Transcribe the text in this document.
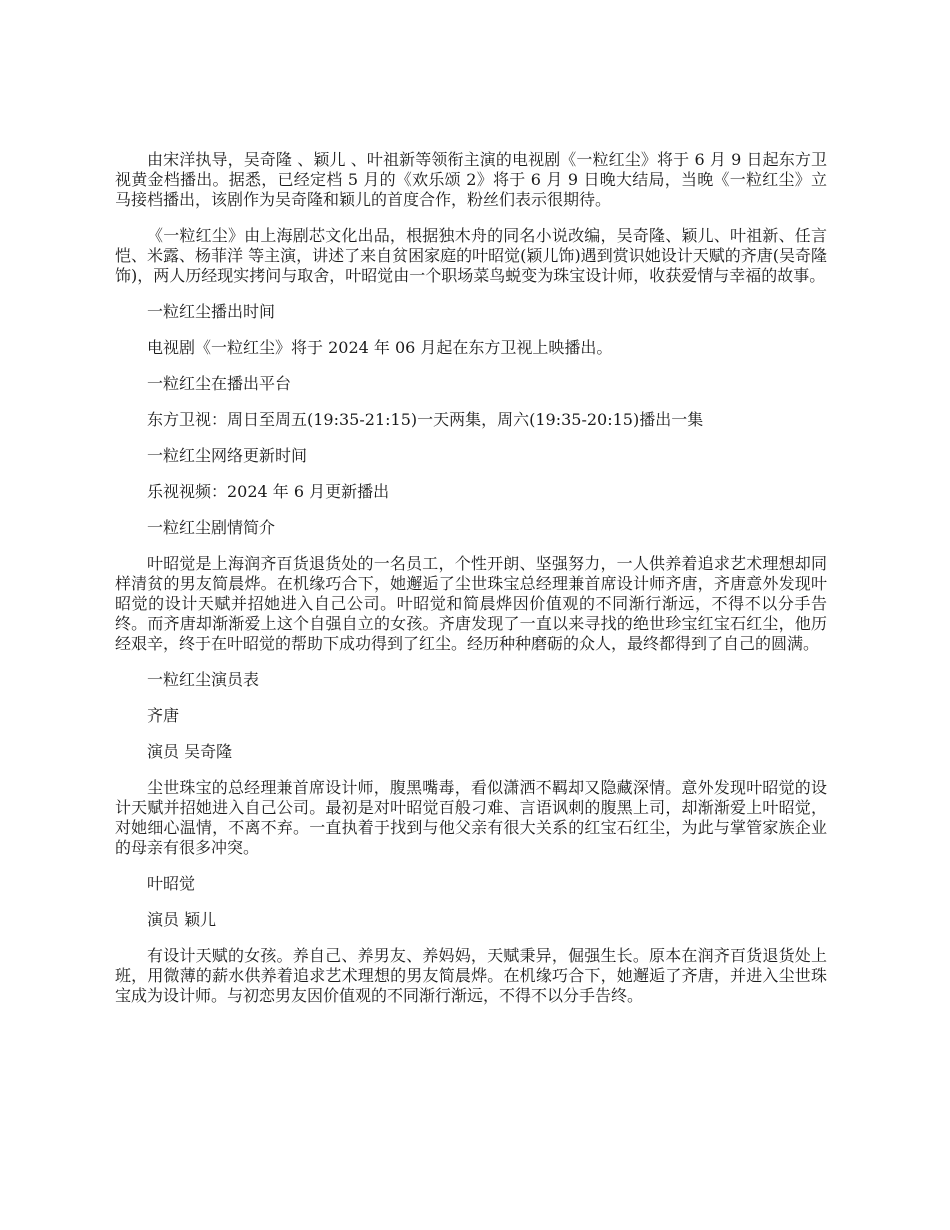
由宋洋执导，吴奇隆 、颖儿 、叶祖新等领衔主演的电视剧《一粒红尘》将于 6 月 9 日起东方卫视黄金档播出。据悉，已经定档 5 月的《欢乐颂 2》将于 6 月 9 日晚大结局，当晚《一粒红尘》立马接档播出，该剧作为吴奇隆和颖儿的首度合作，粉丝们表示很期待。

《一粒红尘》由上海剧芯文化出品，根据独木舟的同名小说改编，吴奇隆、颖儿、叶祖新、任言恺、米露、杨菲洋 等主演，讲述了来自贫困家庭的叶昭觉(颖儿饰)遇到赏识她设计天赋的齐唐(吴奇隆饰)，两人历经现实拷问与取舍，叶昭觉由一个职场菜鸟蜕变为珠宝设计师，收获爱情与幸福的故事。

一粒红尘播出时间

电视剧《一粒红尘》将于 2024 年 06 月起在东方卫视上映播出。

一粒红尘在播出平台

东方卫视：周日至周五(19:35-21:15)一天两集，周六(19:35-20:15)播出一集

一粒红尘网络更新时间

乐视视频：2024 年 6 月更新播出

一粒红尘剧情简介

叶昭觉是上海润齐百货退货处的一名员工，个性开朗、坚强努力，一人供养着追求艺术理想却同样清贫的男友简晨烨。在机缘巧合下，她邂逅了尘世珠宝总经理兼首席设计师齐唐，齐唐意外发现叶昭觉的设计天赋并招她进入自己公司。叶昭觉和简晨烨因价值观的不同渐行渐远，不得不以分手告终。而齐唐却渐渐爱上这个自强自立的女孩。齐唐发现了一直以来寻找的绝世珍宝红宝石红尘，他历经艰辛，终于在叶昭觉的帮助下成功得到了红尘。经历种种磨砺的众人，最终都得到了自己的圆满。

一粒红尘演员表

齐唐

演员 吴奇隆

尘世珠宝的总经理兼首席设计师，腹黑嘴毒，看似潇洒不羁却又隐藏深情。意外发现叶昭觉的设计天赋并招她进入自己公司。最初是对叶昭觉百般刁难、言语讽刺的腹黑上司，却渐渐爱上叶昭觉，对她细心温情，不离不弃。一直执着于找到与他父亲有很大关系的红宝石红尘，为此与掌管家族企业的母亲有很多冲突。

叶昭觉

演员 颖儿

有设计天赋的女孩。养自己、养男友、养妈妈，天赋秉异，倔强生长。原本在润齐百货退货处上班，用微薄的薪水供养着追求艺术理想的男友简晨烨。在机缘巧合下，她邂逅了齐唐，并进入尘世珠宝成为设计师。与初恋男友因价值观的不同渐行渐远，不得不以分手告终。
